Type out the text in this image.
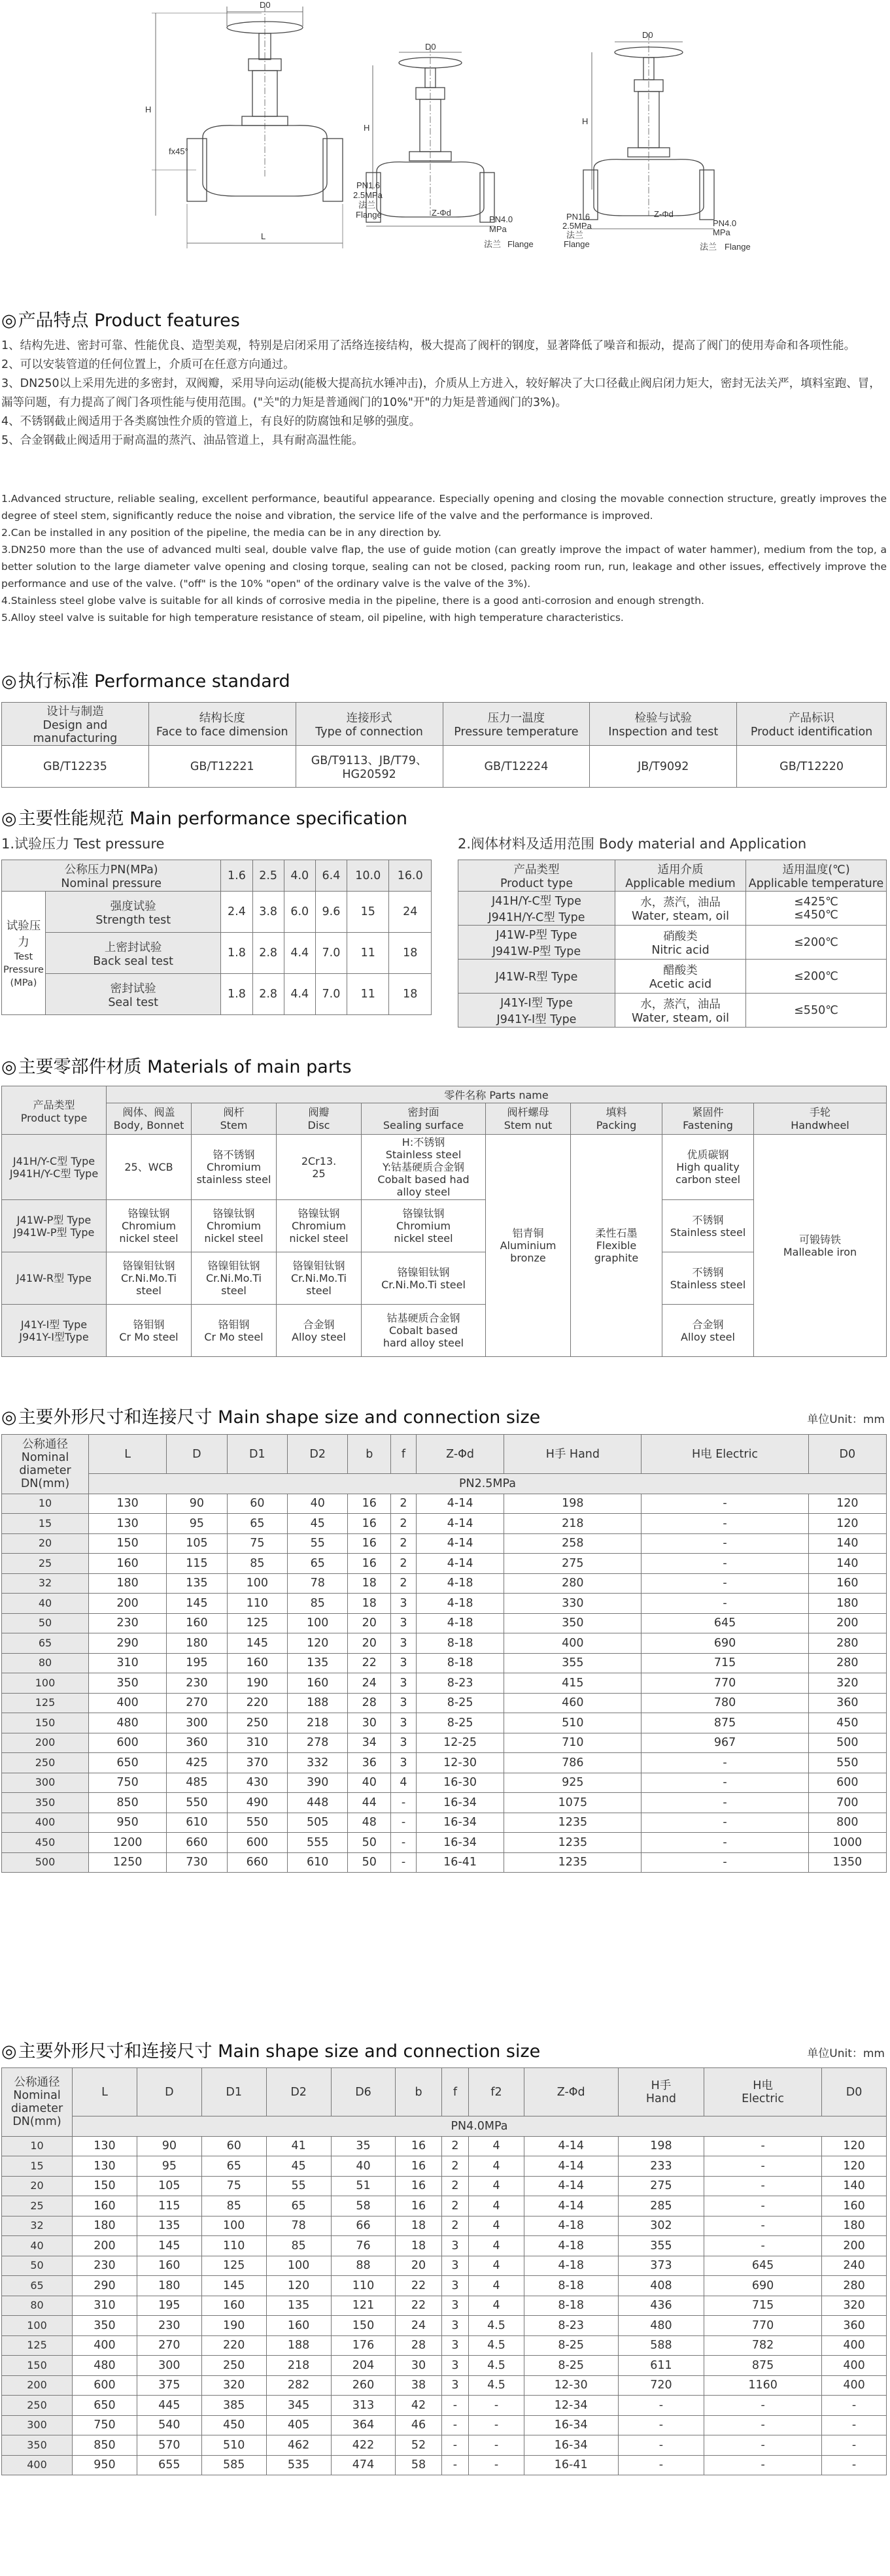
D0
H
fx45°
L
D0
H
PN1.6
2.5MPa
法兰
Flange	Z-Φd
PN4.0
MPa
法兰 Flange
D0
H
PN1.6
2.5MPa
法兰
Flange
Z-Φd
PN4.0
MPa
法兰 Flange
◎产品特点 Product features

1、结构先进、密封可靠、性能优良、造型美观，特别是启闭采用了活络连接结构，极大提高了阀杆的钢度，显著降低了噪音和振动，提高了阀门的使用寿命和各项性能。

2、可以安装管道的任何位置上，介质可在任意方向通过。

3、DN250以上采用先进的多密封，双阀瓣，采用导向运动(能极大提高抗水锤冲击)，介质从上方进入，较好解决了大口径截止阀启闭力矩大，密封无法关严，填料室跑、冒，漏等问题，有力提高了阀门各项性能与使用范围。("关"的力矩是普通阀门的10%"开"的力矩是普通阀门的3%)。

4、不锈钢截止阀适用于各类腐蚀性介质的管道上，有良好的防腐蚀和足够的强度。

5、合金钢截止阀适用于耐高温的蒸汽、油品管道上，具有耐高温性能。

1.Advanced structure, reliable sealing, excellent performance, beautiful appearance. Especially opening and closing the movable connection structure, greatly improves the degree of steel stem, significantly reduce the noise and vibration, the service life of the valve and the performance is improved.

2.Can be installed in any position of the pipeline, the media can be in any direction by.

3.DN250 more than the use of advanced multi seal, double valve flap, the use of guide motion (can greatly improve the impact of water hammer), medium from the top, a better solution to the large diameter valve opening and closing torque, sealing can not be closed, packing room run, run, leakage and other issues, effectively improve the performance and use of the valve. ("off" is the 10% "open" of the ordinary valve is the valve of the 3%).

4.Stainless steel globe valve is suitable for all kinds of corrosive media in the pipeline, there is a good anti-corrosion and enough strength.

5.Alloy steel valve is suitable for high temperature resistance of steam, oil pipeline, with high temperature characteristics.

◎执行标准 Performance standard
设计与制造
Design and manufacturing	结构长度
Face to face dimension	连接形式
Type of connection	压力一温度
Pressure temperature	检验与试验
Inspection and test	产品标识
Product identification
GB/T12235	GB/T12221	GB/T9113、JB/T79、HG20592	GB/T12224	JB/T9092	GB/T12220
◎主要性能规范 Main performance specification
1.试验压力 Test pressure	2.阀体材料及适用范围 Body material and Application
公称压力PN(MPa)
Nominal pressure		1.6	2.5	4.0	6.4	10.0	16.0
试验压力
Test Pressure (MPa)	强度试验
Strength test	2.4	3.8	6.0	9.6	15	24
	上密封试验
Back seal test	1.8	2.8	4.4	7.0	11	18
	密封试验
Seal test	1.8	2.8	4.4	7.0	11	18
产品类型
Product type	适用介质
Applicable medium	适用温度(℃)
Applicable temperature
J41H/Y-C型 Type
J941H/Y-C型 Type	水，蒸汽，油品
Water, steam, oil	≤425℃
≤450℃
J41W-P型 Type
J941W-P型 Type	硝酸类
Nitric acid	≤200℃
J41W-R型 Type	醋酸类
Acetic acid	≤200℃
J41Y-I型 Type
J941Y-I型 Type	水，蒸汽，油品
Water, steam, oil	≤550℃
◎主要零部件材质 Materials of main parts
产品类型
Product type	零件名称 Parts name							
	阀体、阀盖
Body, Bonnet	阀杆
Stem	阀瓣
Disc	密封面
Sealing surface	阀杆螺母
Stem nut	填料
Packing	紧固件
Fastening	手轮
Handwheel
J41H/Y-C型 Type
J941H/Y-C型 Type	25、WCB	铬不锈钢
Chromium
stainless steel	2Cr13.
25	H:不锈钢
Stainless steel
Y:钴基硬质合金钢
Cobalt based had
alloy steel	铝青铜
Aluminium
bronze	柔性石墨
Flexible
graphite	优质碳钢
High quality
carbon steel	可锻铸铁
Malleable iron
J41W-P型 Type
J941W-P型 Type	铬镍钛钢
Chromium
nickel steel	铬镍钛钢
Chromium
nickel steel	铬镍钛钢
Chromium
nickel steel	铬镍钛钢
Chromium
nickel steel			不锈钢
Stainless steel	
J41W-R型 Type	铬镍钼钛钢
Cr.Ni.Mo.Ti
steel	铬镍钼钛钢
Cr.Ni.Mo.Ti
steel	铬镍钼钛钢
Cr.Ni.Mo.Ti
steel	铬镍钼钛钢
Cr.Ni.Mo.Ti steel			不锈钢
Stainless steel	
J41Y-I型 Type
J941Y-I型Type	铬钼钢
Cr Mo steel	铬钼钢
Cr Mo steel	合金钢
Alloy steel	钴基硬质合金钢
Cobalt based
hard alloy steel			合金钢
Alloy steel	
◎主要外形尺寸和连接尺寸 Main shape size and connection size	单位Unit：mm
公称通径
Nominal
diameter
DN(mm)	L	D	D1	D2	b	f	Z-Φd	H手 Hand	H电 Electric	D0
	PN2.5MPa									
10	130	90	60	40	16	2	4-14	198	-	120
15	130	95	65	45	16	2	4-14	218	-	120
20	150	105	75	55	16	2	4-14	258	-	140
25	160	115	85	65	16	2	4-14	275	-	140
32	180	135	100	78	18	2	4-18	280	-	160
40	200	145	110	85	18	3	4-18	330	-	180
50	230	160	125	100	20	3	4-18	350	645	200
65	290	180	145	120	20	3	8-18	400	690	280
80	310	195	160	135	22	3	8-18	355	715	280
100	350	230	190	160	24	3	8-23	415	770	320
125	400	270	220	188	28	3	8-25	460	780	360
150	480	300	250	218	30	3	8-25	510	875	450
200	600	360	310	278	34	3	12-25	710	967	500
250	650	425	370	332	36	3	12-30	786	-	550
300	750	485	430	390	40	4	16-30	925	-	600
350	850	550	490	448	44	-	16-34	1075	-	700
400	950	610	550	505	48	-	16-34	1235	-	800
450	1200	660	600	555	50	-	16-34	1235	-	1000
500	1250	730	660	610	50	-	16-41	1235	-	1350
◎主要外形尺寸和连接尺寸 Main shape size and connection size	单位Unit：mm
公称通径
Nominal
diameter
DN(mm)	L	D	D1	D2	D6	b	f	f2	Z-Φd	H手
Hand	H电
Electric	D0
	PN4.0MPa											
10	130	90	60	41	35	16	2	4	4-14	198	-	120
15	130	95	65	45	40	16	2	4	4-14	233	-	120
20	150	105	75	55	51	16	2	4	4-14	275	-	140
25	160	115	85	65	58	16	2	4	4-14	285	-	160
32	180	135	100	78	66	18	2	4	4-18	302	-	180
40	200	145	110	85	76	18	3	4	4-18	355	-	200
50	230	160	125	100	88	20	3	4	4-18	373	645	240
65	290	180	145	120	110	22	3	4	8-18	408	690	280
80	310	195	160	135	121	22	3	4	8-18	436	715	320
100	350	230	190	160	150	24	3	4.5	8-23	480	770	360
125	400	270	220	188	176	28	3	4.5	8-25	588	782	400
150	480	300	250	218	204	30	3	4.5	8-25	611	875	400
200	600	375	320	282	260	38	3	4.5	12-30	720	1160	400
250	650	445	385	345	313	42	-	-	12-34	-	-	-
300	750	540	450	405	364	46	-	-	16-34	-	-	-
350	850	570	510	462	422	52	-	-	16-34	-	-	-
400	950	655	585	535	474	58	-	-	16-41	-	-	-
